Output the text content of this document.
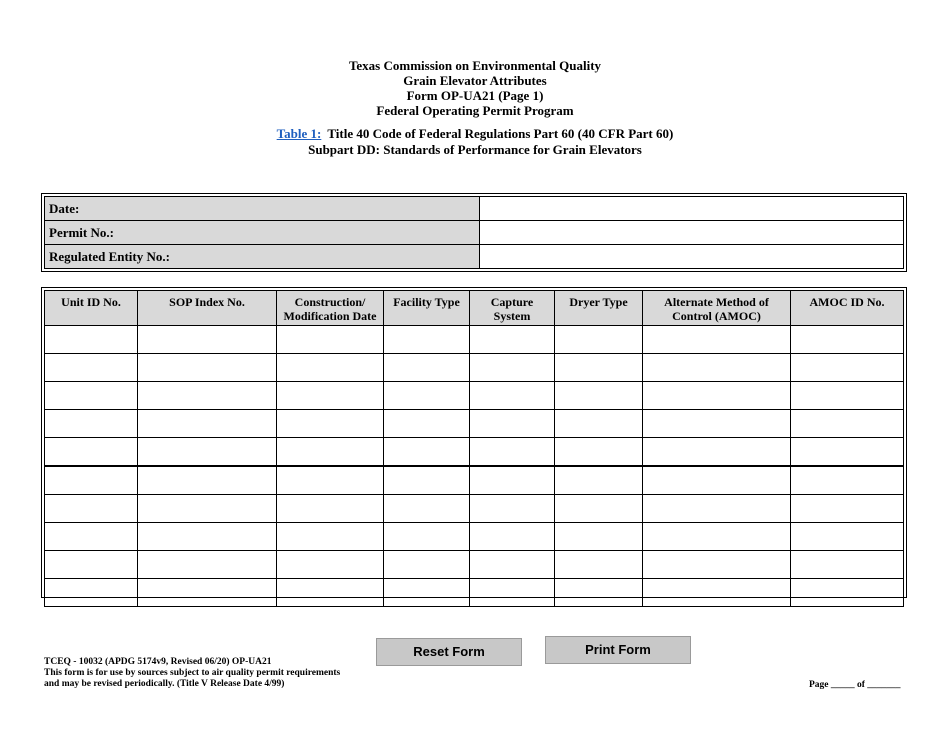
Texas Commission on Environmental Quality
Grain Elevator Attributes
Form OP-UA21 (Page 1)
Federal Operating Permit Program
Table 1: Title 40 Code of Federal Regulations Part 60 (40 CFR Part 60)
Subpart DD: Standards of Performance for Grain Elevators
Date:	
Permit No.:	
Regulated Entity No.:	
Unit ID No.	SOP Index No.	Construction/ Modification Date	Facility Type	Capture System	Dryer Type	Alternate Method of Control (AMOC)	AMOC ID No.

Reset Form	Print Form
TCEQ - 10032 (APDG 5174v9, Revised 06/20) OP-UA21
This form is for use by sources subject to air quality permit requirements
and may be revised periodically. (Title V Release Date 4/99)	Page _____ of _______
